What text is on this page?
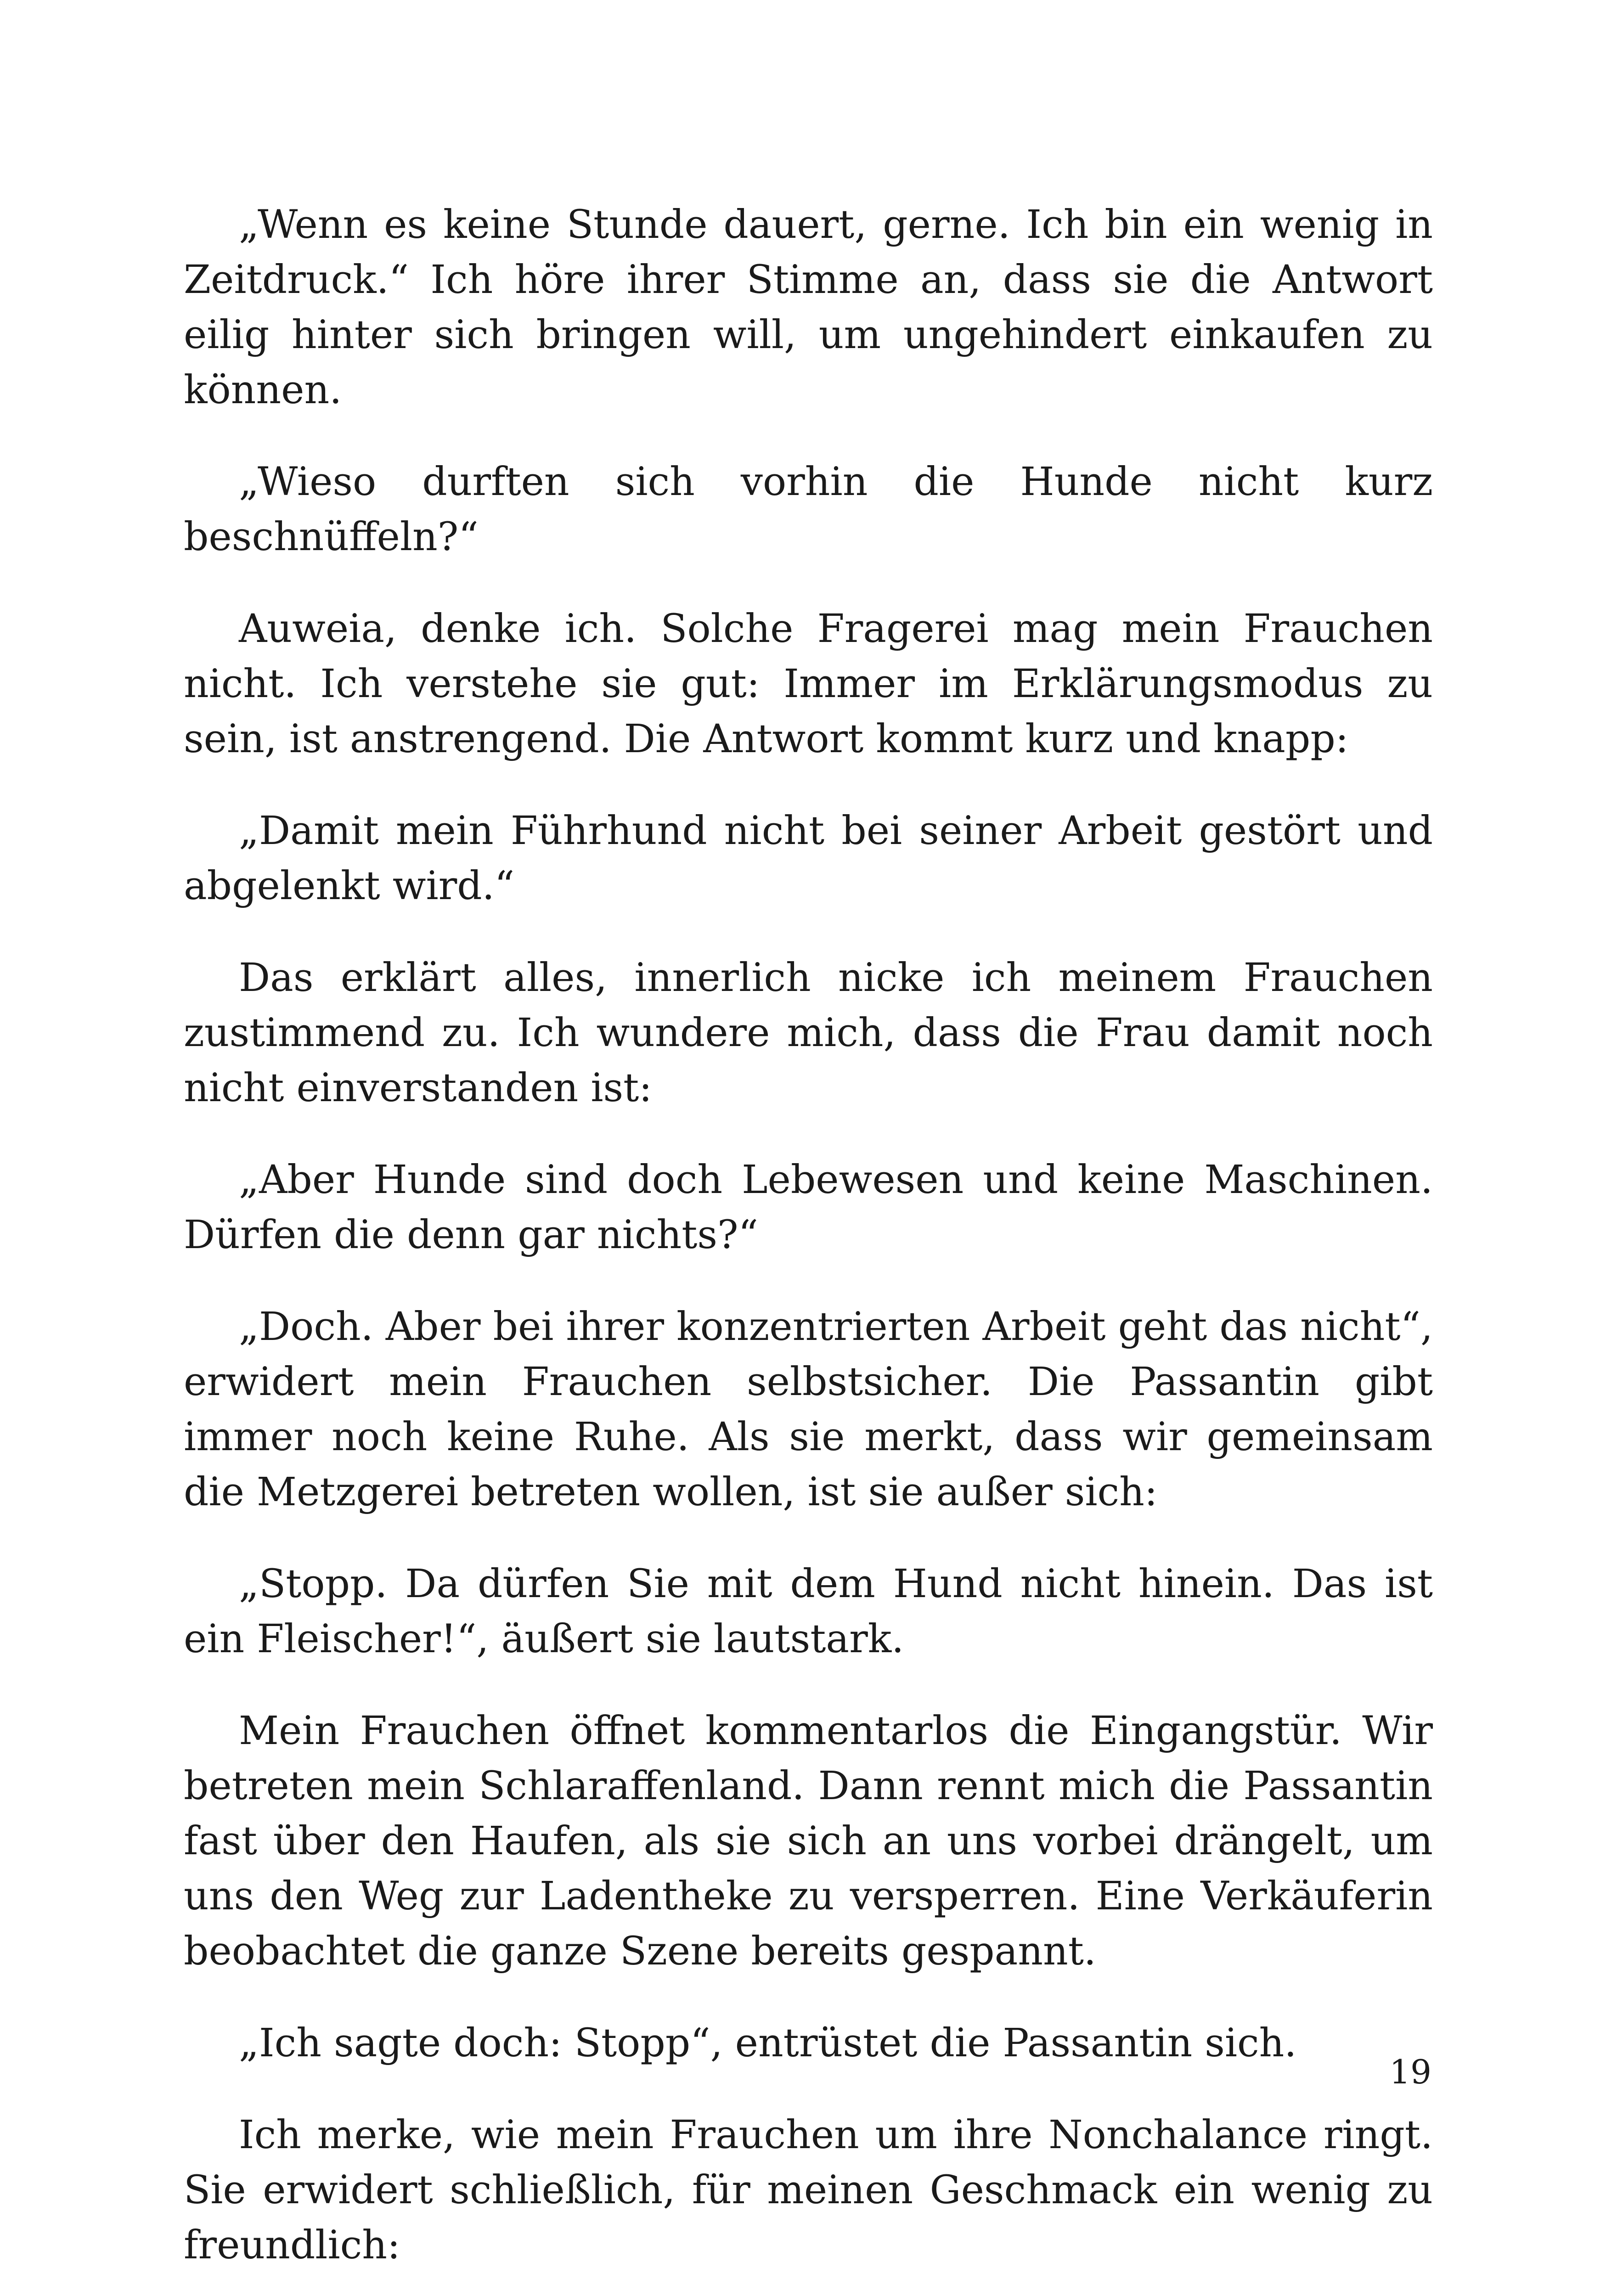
„Wenn es keine Stunde dauert, gerne. Ich bin ein wenig in Zeitdruck.“ Ich höre ihrer Stimme an, dass sie die Antwort eilig hinter sich bringen will, um ungehindert einkaufen zu können.

„Wieso durften sich vorhin die Hunde nicht kurz beschnüffeln?“

Auweia, denke ich. Solche Fragerei mag mein Frauchen nicht. Ich verstehe sie gut: Immer im Erklärungsmodus zu sein, ist anstrengend. Die Antwort kommt kurz und knapp:

„Damit mein Führhund nicht bei seiner Arbeit gestört und abgelenkt wird.“

Das erklärt alles, innerlich nicke ich meinem Frauchen zustimmend zu. Ich wundere mich, dass die Frau damit noch nicht einverstanden ist:

„Aber Hunde sind doch Lebewesen und keine Maschinen. Dürfen die denn gar nichts?“

„Doch. Aber bei ihrer konzentrierten Arbeit geht das nicht“, erwidert mein Frauchen selbstsicher. Die Passantin gibt immer noch keine Ruhe. Als sie merkt, dass wir gemeinsam die Metzgerei betreten wollen, ist sie außer sich:

„Stopp. Da dürfen Sie mit dem Hund nicht hinein. Das ist ein Fleischer!“, äußert sie lautstark.

Mein Frauchen öffnet kommentarlos die Eingangstür. Wir betreten mein Schlaraffenland. Dann rennt mich die Passantin fast über den Haufen, als sie sich an uns vorbei drängelt, um uns den Weg zur Ladentheke zu versperren. Eine Verkäuferin beobachtet die ganze Szene bereits gespannt.

„Ich sagte doch: Stopp“, entrüstet die Passantin sich.

Ich merke, wie mein Frauchen um ihre Nonchalance ringt. Sie erwidert schließlich, für meinen Geschmack ein wenig zu freundlich:

19
